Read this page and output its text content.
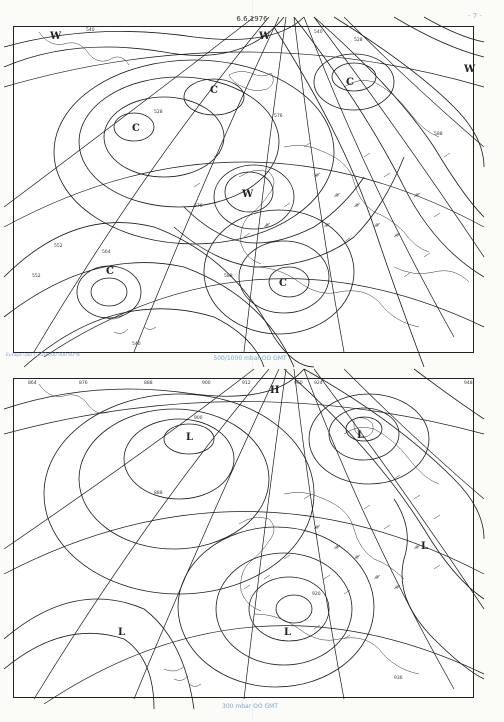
6.6.1976	- 7 -
W	W
W
C
C
C
C
W
C
540
528
540
552
564
576
576
588
552
588
540
528
Europa (abr.) 1:20 000 000 60°N	500/1000 mbar OO GMT
H
L	L
L
L	L
864	876	888	900	912	924
888
900
920
936
948
960
300 mbar OO GMT
